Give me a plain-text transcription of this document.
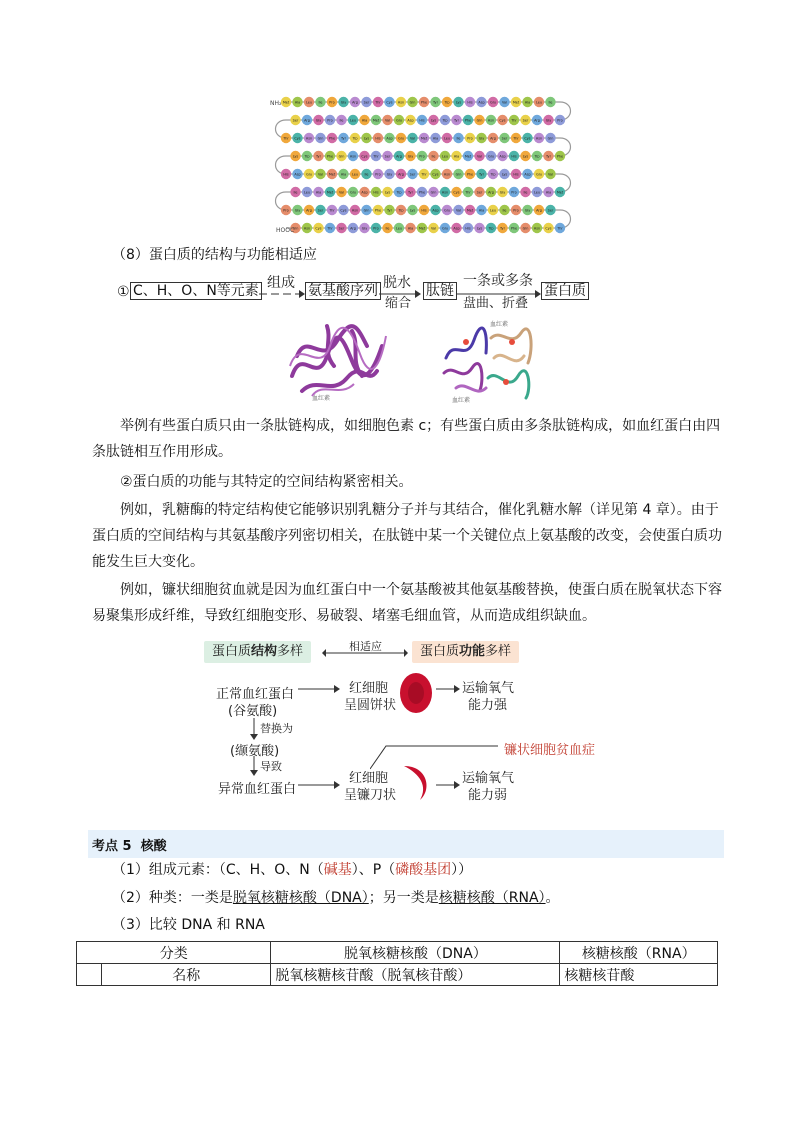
Met Ala Leu Ile Pro Gly Arg Ser Thr Cys Asn Gln Phe Tyr Trp Lys His Asp Glu Val Met Ala Leu Ile
Pro
Gly
Arg
Ser
Thr
Cys
Asn
Gln
Phe
Tyr
Trp
Lys
His
Asp
Glu
Val
Met
Ala
Leu
Ile
Pro
Gly
Arg
Ser
Thr Cys Asn Gln Phe Tyr Trp Lys His Asp Glu Val Met Ala Leu Ile Pro Gly Arg Ser Thr Cys Asn Gln
Phe
Tyr
Trp
Lys
His
Asp
Glu
Val
Met
Ala
Leu
Ile
Pro
Gly
Arg
Ser
Thr
Cys
Asn
Gln
Phe
Tyr
Trp
Lys
His Asp Glu Val Met Ala Leu Ile Pro Gly Arg Ser Thr Cys Asn Gln Phe Tyr Trp Lys His Asp Glu Val
Met
Ala
Leu
Ile
Pro
Gly
Arg
Ser
Thr
Cys
Asn
Gln
Phe
Tyr
Trp
Lys
His
Asp
Glu
Val
Met
Ala
Leu
Ile
Pro Gly Arg Ser Thr Cys Asn Gln Phe Tyr Trp Lys His Asp Glu Val Met Ala Leu Ile Pro Gly Arg Ser
Thr
Cys
Asn
Gln
Phe
Tyr
Trp
Lys
His
Asp
Glu
Val
Met
Ala
Leu
Ile
Pro
Gly
Arg
Ser
Thr
Cys
Asn
Gln
NH₂
HOOC
（8）蛋白质的结构与功能相适应
① C、H、O、N等元素 组成 氨基酸序列 脱水
缩合
肽链
一条或多条
盘曲、折叠
蛋白质
血红素
血红素
血红素
举例有些蛋白质只由一条肽链构成，如细胞色素 c；有些蛋白质由多条肽链构成，如血红蛋白由四条肽链相互作用形成。
②蛋白质的功能与其特定的空间结构紧密相关。
例如，乳糖酶的特定结构使它能够识别乳糖分子并与其结合，催化乳糖水解（详见第 4 章）。由于蛋白质的空间结构与其氨基酸序列密切相关，在肽链中某一个关键位点上氨基酸的改变，会使蛋白质功能发生巨大变化。
例如，镰状细胞贫血就是因为血红蛋白中一个氨基酸被其他氨基酸替换，使蛋白质在脱氧状态下容易聚集形成纤维，导致红细胞变形、易破裂、堵塞毛细血管，从而造成组织缺血。
蛋白质结构多样	相适应	蛋白质功能多样
正常血红蛋白
(谷氨酸)
红细胞
呈圆饼状
运输氧气
能力强
替换为
(缬氨酸)
导致
异常血红蛋白
红细胞
呈镰刀状
镰状细胞贫血症
运输氧气
能力弱
考点 5  核酸
（1）组成元素：（C、H、O、N（碱基）、P（磷酸基团））
（2）种类：一类是脱氧核糖核酸（DNA）；另一类是核糖核酸（RNA）。
（3）比较 DNA 和 RNA
分类		脱氧核糖核酸（DNA）	核糖核酸（RNA）
	名称	脱氧核糖核苷酸（脱氧核苷酸）	核糖核苷酸
